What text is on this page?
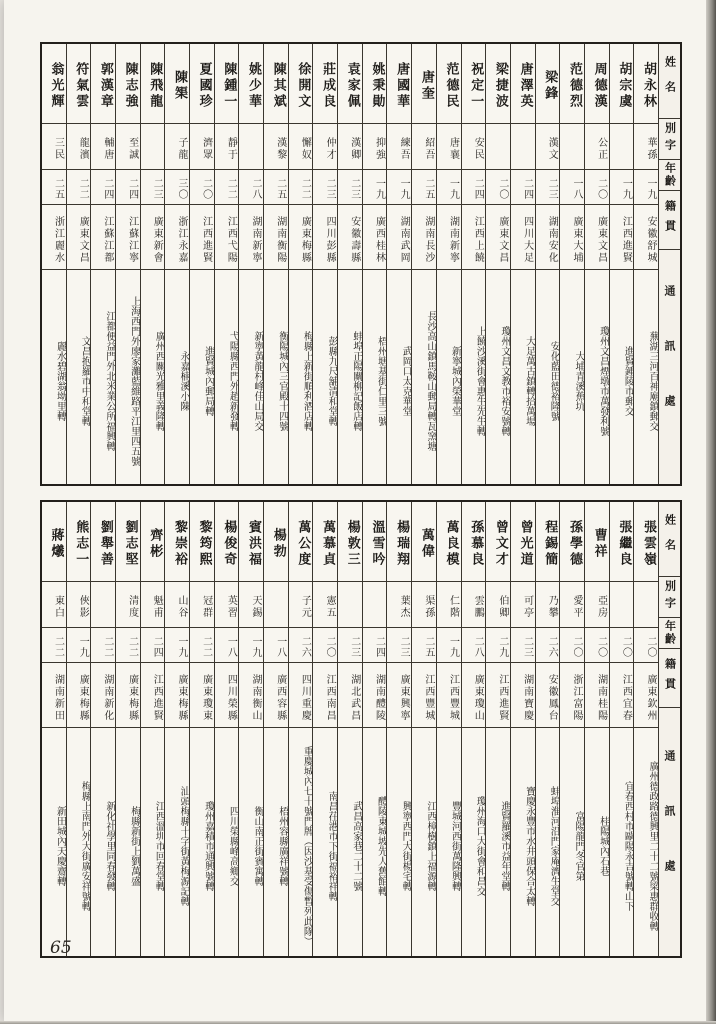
姓名
別字
年齡
籍貫
通訊處
胡永林
華孫
一九
安徽舒城
蕪湖三河百神廟鎮郵交
胡宗虞
一九
江西進賢
進賢鍾陵市郵交
周德漢
公正
二〇
廣東文昌
瓊州文昌煙墩市萬發利號
范德烈
一八
廣東大埔
大埔青溪蕉坑
梁鋒
漢文
二三
湖南安化
安化藍田德裕隆號
唐澤英
二四
四川大足
大足萬古鎮轉拾萬場
梁捷波
二〇
廣東文昌
瓊州文昌文教市裕安號轉
祝定一
安民
二四
江西上饒
上饒沙溪街會惠生先生轉
范德民
唐襄
一九
湖南新寧
新寧城內榮華堂
唐奎
紹吾
二五
湖南長沙
長沙高山鎮馬鞍山郵局轉瓦窯塘
唐國華
練吾
一九
湖南武岡
武岡口太克華堂
姚秉勛
抑強
一九
廣西桂林
梧州塘基街仁里三號
袁家佩
漢卿
二三
安徽壽縣
蚌埠正陽關柳記飯店轉
莊成良
仲才
二三
四川彭縣
彭縣九尺舖清和堂轉
徐開文
懈奴
二二
廣東梅縣
梅縣上新街順利酒店轉
陳其斌
漢黎
二五
湖南衡陽
衡陽城內三官殿十四號
姚少華
二八
湖南新寧
新寧黃龍村峰佳山局交
陳鍾一
靜于
二二
江西弋陽
弋陽縣西門外趙新發轉
夏國珍
濟眾
二〇
江西進賢
進賢城內郵局轉
陳榘
子龍
三〇
浙江永嘉
永嘉楠溪小陳
陳飛龍
二三
廣東新會
廣州西關光雅里義隆轉
陳志強
至誠
二四
江蘇江寧
上海西門外廖家灘藍維路平江里四五號
郭漢章
輔唐
二四
江蘇江都
江都便益門外北米業公所福興轉
符氣雲
龍濱
二二
廣東文昌
文昌抱羅市中和堂轉
翁光輝
三民
二五
浙江麗水
麗水碧湖翁坳里轉
姓名
別字
年齡
籍貫
通訊處
張雲嶺
二〇
廣東欽州
廣州德政路德興里二十二號梁惠群收轉
張繼良
二〇
江西宜春
宜春西村市歐陽永吉號轉山下
曹祥
亞房
二〇
湖南桂陽
桂陽城內石巷
孫學德
愛平
二〇
浙江富陽
富陽龍門冬官第
程錫簡
乃攀
二六
安徽鳳台
蚌埠淮河沿門家庵濟生堂交
曾光道
可亭
二三
湖南寶慶
寶慶永豐市水井頭保合太轉
曾文才
伯卿
二九
江西進賢
進賢羅溪市益年堂轉
孫慕良
雲鵬
二八
廣東瓊山
瓊州海口大街會和昌交
萬良模
仁階
一九
江西豐城
豐城河西街萬隆興轉
萬偉
渠孫
二五
江西豐城
江西樟樹鎮上福源轉
楊瑞翔
葉杰
二三
廣東興寧
興寧西門大街楊宅轉
溫雪吟
二四
湖南醴陵
醴陵東城坡先人舊館轉
楊敦三
二三
湖北武昌
武昌高家巷二十二號
萬慕貞
憲五
二〇
江西南昌
南昌茌港市下街福裕祥轉
萬公度
子元
二六
四川重慶
重慶城內七十號門牌（因沙基受傷暫列此隊）
楊勃
一八
廣西容縣
梧州容縣廣祥號轉
賓洪福
天錫
一九
湖南衡山
衡山南正街賓寓轉
楊俊奇
英習
一八
四川榮縣
四川榮縣峰高鄉交
黎筠熙
冠群
二二
廣東瓊東
瓊州嘉積市通興號轉
黎崇裕
山谷
一九
廣東梅縣
汕頭梅縣十字街黃梅源記轉
齊彬
魁甫
二四
江西進賢
江西溫圳市回春堂轉
劉志堅
清度
二二
廣東梅縣
梅縣新街上劉萬盛
劉舉善
二二
湖南新化
新化社學里同春發轉
熊志一
俠影
一九
廣東梅縣
梅縣上南門外大街廣安祥號轉
蔣爔
東白
二二
湖南新田
新田城內天慶齋轉
65
